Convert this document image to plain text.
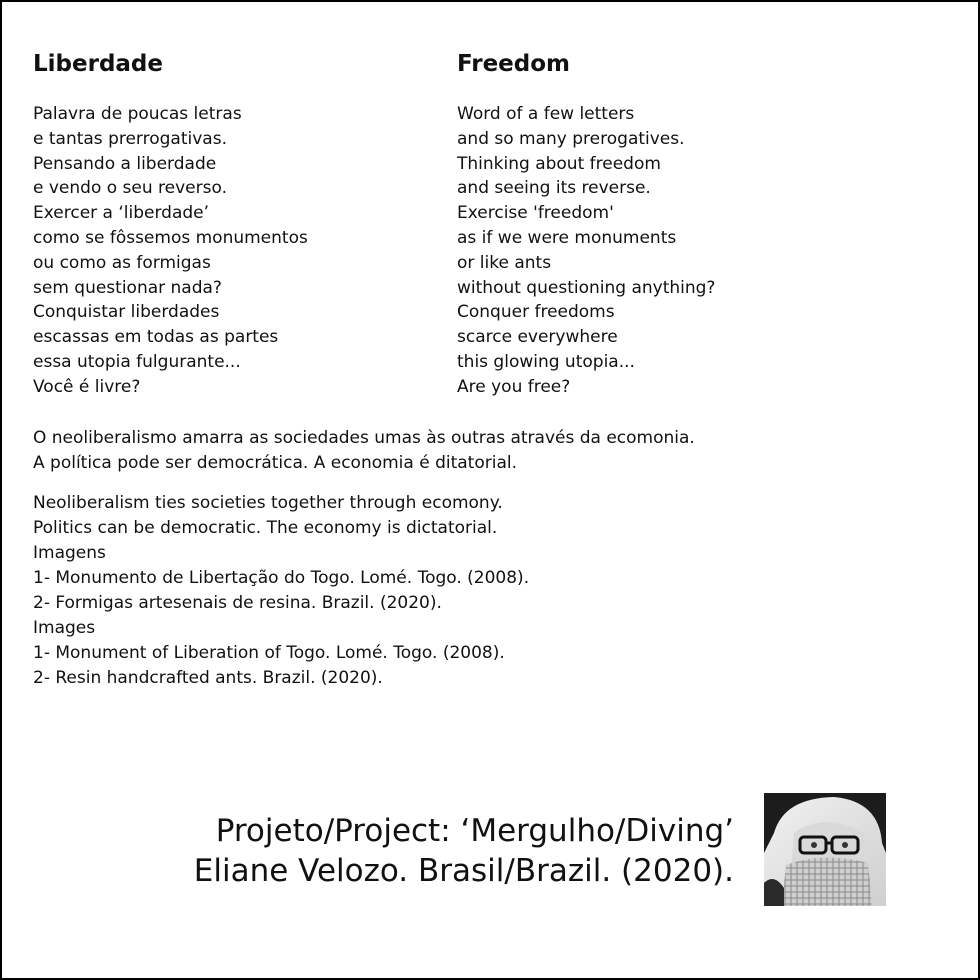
Liberdade
Palavra de poucas letras
e tantas prerrogativas.
Pensando a liberdade
e vendo o seu reverso.
Exercer a ‘liberdade’
como se fôssemos monumentos
ou como as formigas
sem questionar nada?
Conquistar liberdades
escassas em todas as partes
essa utopia fulgurante...
Você é livre?
Freedom
Word of a few letters
and so many prerogatives.
Thinking about freedom
and seeing its reverse.
Exercise 'freedom'
as if we were monuments
or like ants
without questioning anything?
Conquer freedoms
scarce everywhere
this glowing utopia...
Are you free?
O neoliberalismo amarra as sociedades umas às outras através da ecomonia.
A política pode ser democrática. A economia é ditatorial.
Neoliberalism ties societies together through ecomony.
Politics can be democratic. The economy is dictatorial.
Imagens
1- Monumento de Libertação do Togo. Lomé. Togo. (2008).
2- Formigas artesenais de resina. Brazil. (2020).
Images
1- Monument of Liberation of Togo. Lomé. Togo. (2008).
2- Resin handcrafted ants. Brazil. (2020).
Projeto/Project: ‘Mergulho/Diving’
Eliane Velozo. Brasil/Brazil. (2020).
